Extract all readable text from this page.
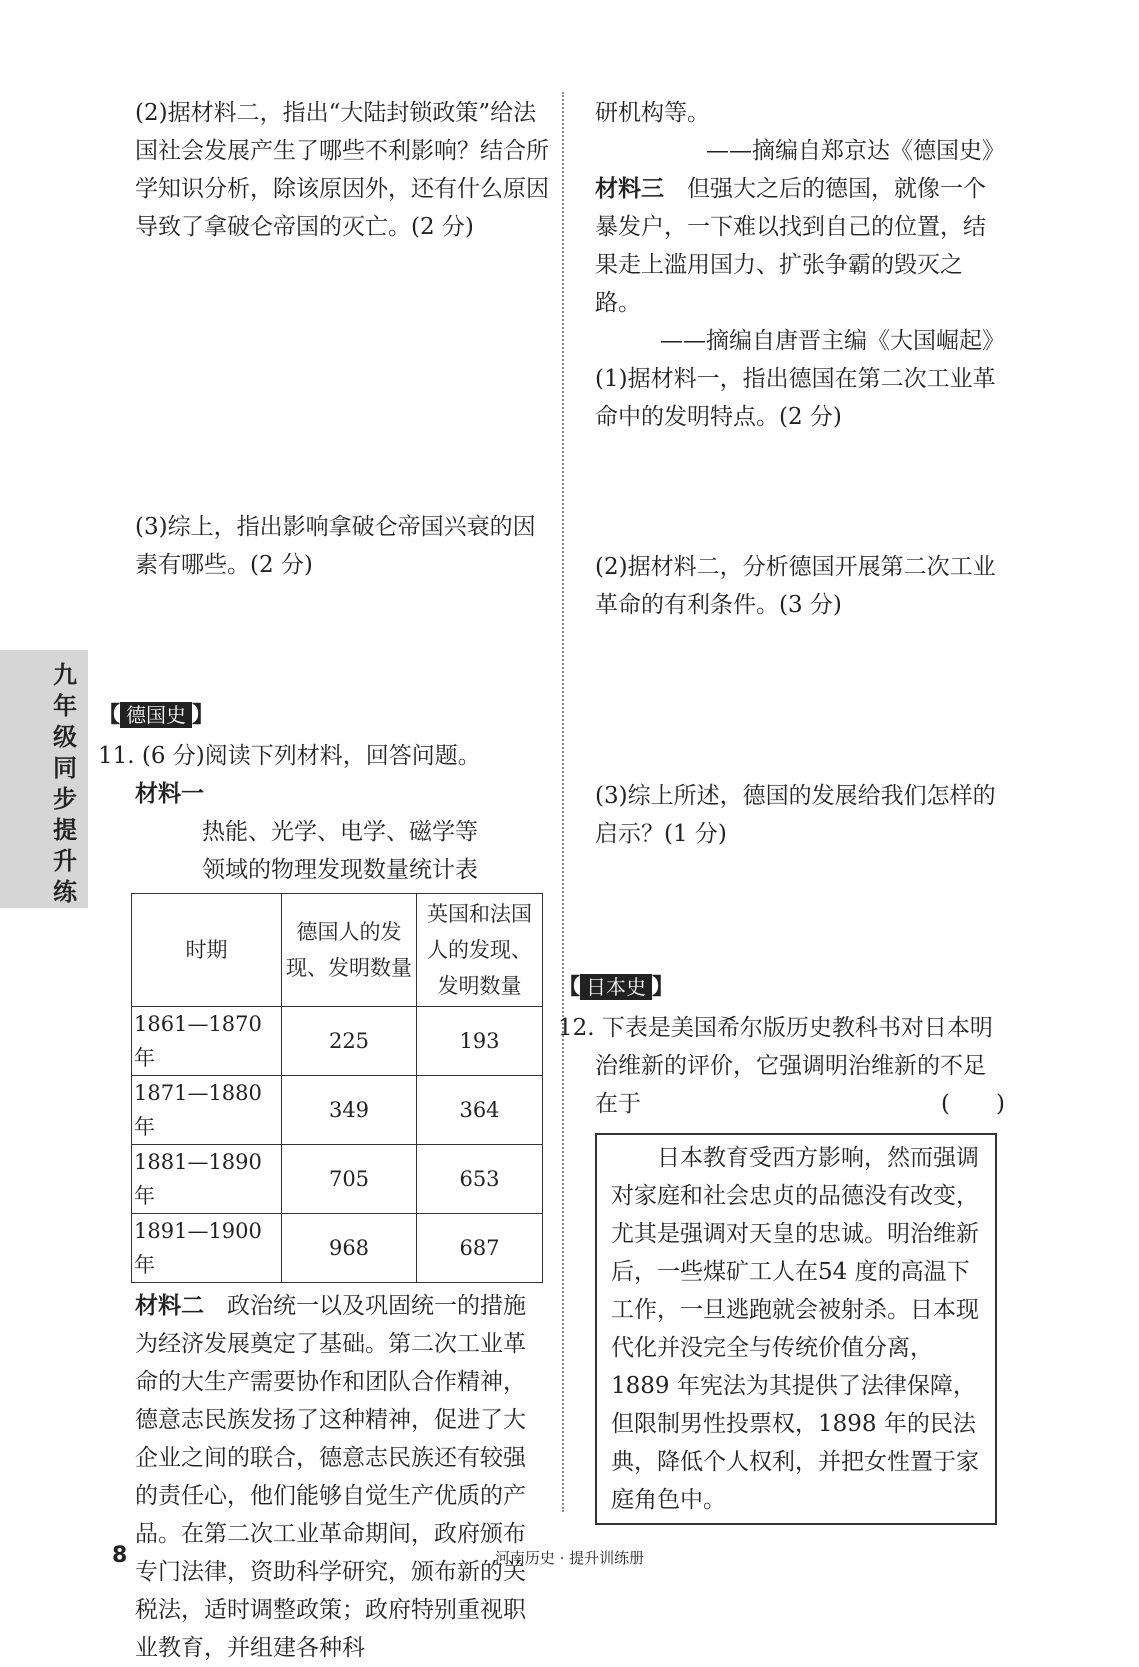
九年级同步提升练

(2)据材料二，指出“大陆封锁政策”给法国社会发展产生了哪些不利影响？结合所学知识分析，除该原因外，还有什么原因导致了拿破仑帝国的灭亡。(2 分)

(3)综上，指出影响拿破仑帝国兴衰的因素有哪些。(2 分)

【 德国史 】

11. (6 分)阅读下列材料，回答问题。

材料一

热能、光学、电学、磁学等

领域的物理发现数量统计表

时期	德国人的发现、发明数量	英国和法国人的发现、发明数量
1861—1870 年	225	193
1871—1880 年	349	364
1881—1890 年	705	653
1891—1900 年	968	687

材料二　 政治统一以及巩固统一的措施为经济发展奠定了基础。第二次工业革命的大生产需要协作和团队合作精神，德意志民族发扬了这种精神，促进了大企业之间的联合，德意志民族还有较强的责任心，他们能够自觉生产优质的产品。在第二次工业革命期间，政府颁布专门法律，资助科学研究，颁布新的关税法，适时调整政策；政府特别重视职业教育，并组建各种科

研机构等。

——摘编自郑京达《德国史》

材料三　 但强大之后的德国，就像一个暴发户，一下难以找到自己的位置，结果走上滥用国力、扩张争霸的毁灭之路。

——摘编自唐晋主编《大国崛起》

(1)据材料一，指出德国在第二次工业革命中的发明特点。(2 分)

(2)据材料二，分析德国开展第二次工业革命的有利条件。(3 分)

(3)综上所述，德国的发展给我们怎样的启示？(1 分)

【 日本史 】

12. 下表是美国希尔版历史教科书对日本明治维新的评价，它强调明治维新的不足在于	(　　)

日本教育受西方影响，然而强调对家庭和社会忠贞的品德没有改变，尤其是强调对天皇的忠诚。明治维新后，一些煤矿工人在54 度的高温下工作，一旦逃跑就会被射杀。日本现代化并没完全与传统价值分离，1889 年宪法为其提供了法律保障，但限制男性投票权，1898 年的民法典，降低个人权利，并把女性置于家庭角色中。

8	河南历史 · 提升训练册
